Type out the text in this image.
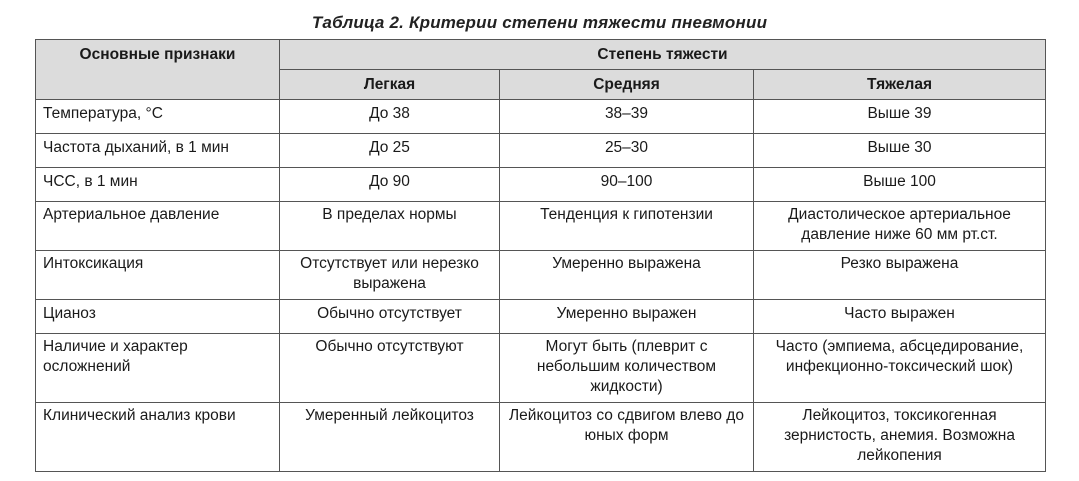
Таблица 2. Критерии степени тяжести пневмонии
Основные признаки	Степень тяжести		
	Легкая	Средняя	Тяжелая
Температура, °С	До 38	38–39	Выше 39
Частота дыханий, в 1 мин	До 25	25–30	Выше 30
ЧСС, в 1 мин	До 90	90–100	Выше 100
Артериальное давление	В пределах нормы	Тенденция к гипотензии	Диастолическое артериальное давление ниже 60 мм рт.ст.
Интоксикация	Отсутствует или нерезко выражена	Умеренно выражена	Резко выражена
Цианоз	Обычно отсутствует	Умеренно выражен	Часто выражен
Наличие и характер осложнений	Обычно отсутствуют	Могут быть (плеврит с небольшим количеством жидкости)	Часто (эмпиема, абсцедирование, инфекционно-токсический шок)
Клинический анализ крови	Умеренный лейкоцитоз	Лейкоцитоз со сдвигом влево до юных форм	Лейкоцитоз, токсикогенная зернистость, анемия. Возможна лейкопения
